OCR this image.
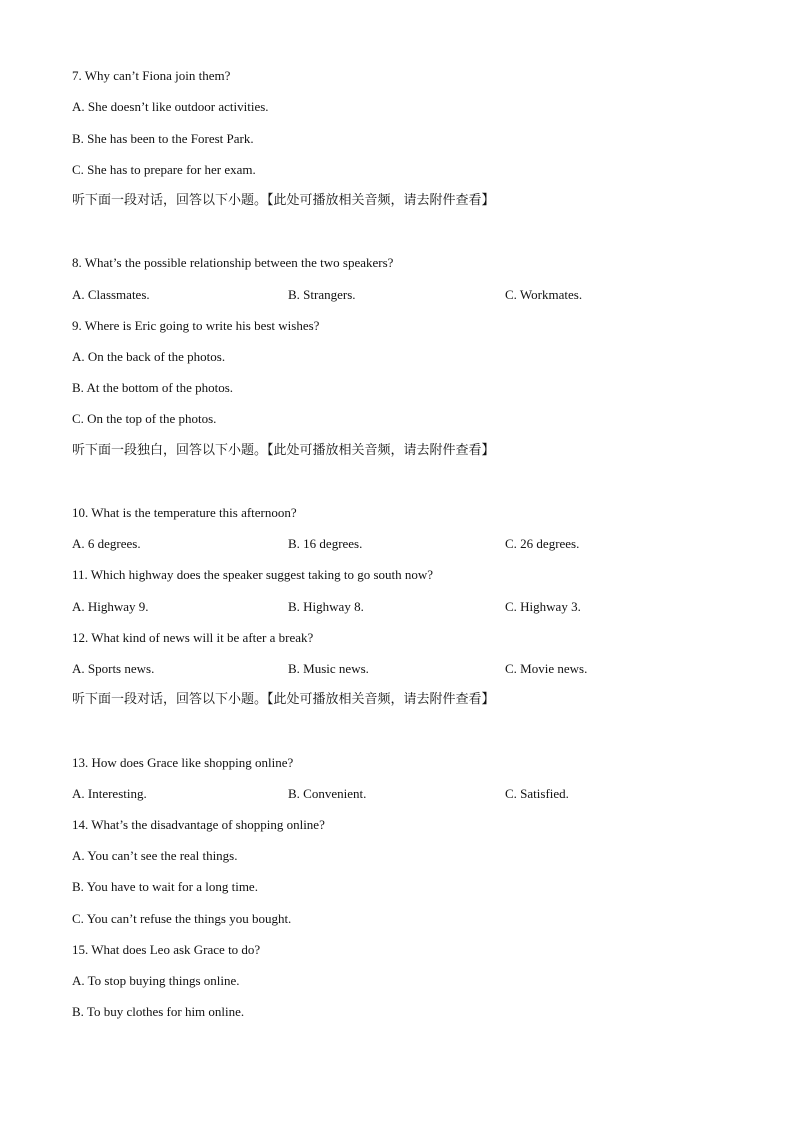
7. Why can’t Fiona join them?
A. She doesn’t like outdoor activities.
B. She has been to the Forest Park.
C. She has to prepare for her exam.
听下面一段对话，回答以下小题。【此处可播放相关音频，请去附件查看】
8. What’s the possible relationship between the two speakers?
A. Classmates.	B. Strangers.	C. Workmates.
9. Where is Eric going to write his best wishes?
A. On the back of the photos.
B. At the bottom of the photos.
C. On the top of the photos.
听下面一段独白，回答以下小题。【此处可播放相关音频，请去附件查看】
10. What is the temperature this afternoon?
A. 6 degrees.	B. 16 degrees.	C. 26 degrees.
11. Which highway does the speaker suggest taking to go south now?
A. Highway 9.	B. Highway 8.	C. Highway 3.
12. What kind of news will it be after a break?
A. Sports news.	B. Music news.	C. Movie news.
听下面一段对话，回答以下小题。【此处可播放相关音频，请去附件查看】
13. How does Grace like shopping online?
A. Interesting.	B. Convenient.	C. Satisfied.
14. What’s the disadvantage of shopping online?
A. You can’t see the real things.
B. You have to wait for a long time.
C. You can’t refuse the things you bought.
15. What does Leo ask Grace to do?
A. To stop buying things online.
B. To buy clothes for him online.
